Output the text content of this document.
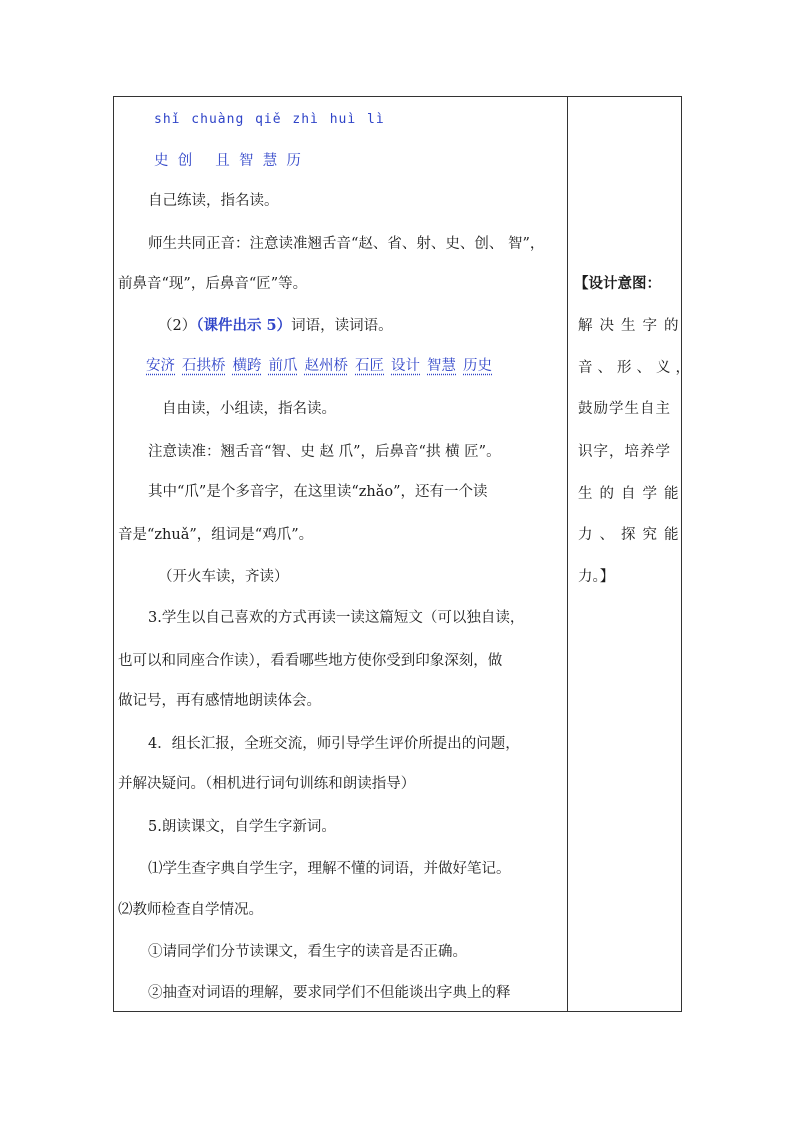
shǐ chuàng qiě zhì huì lì
史  创     且  智  慧  历
自己练读，指名读。
师生共同正音：注意读准翘舌音“赵、省、射、史、创、 智”，
前鼻音“现”，后鼻音“匠”等。
（2）（课件出示 5）词语，读词语。
安济 石拱桥 横跨 前爪 赵州桥 石匠 设计 智慧 历史
自由读，小组读，指名读。
注意读准：翘舌音“智、史 赵 爪”，后鼻音“拱 横 匠”。
其中“爪”是个多音字，在这里读“zhǎo”，还有一个读
音是“zhuǎ”，组词是“鸡爪”。
（开火车读，齐读）
3.学生以自己喜欢的方式再读一读这篇短文（可以独自读，
也可以和同座合作读），看看哪些地方使你受到印象深刻，做
做记号，再有感情地朗读体会。
4．组长汇报，全班交流，师引导学生评价所提出的问题，
并解决疑问。（相机进行词句训练和朗读指导）
5.朗读课文，自学生字新词。
⑴学生查字典自学生字，理解不懂的词语，并做好笔记。
⑵教师检查自学情况。
①请同学们分节读课文，看生字的读音是否正确。
②抽查对词语的理解，要求同学们不但能谈出字典上的释
【设计意图：
解决生字的
音、形、义，
鼓励学生自主
识字，培养学
生的自学能
力、探究能
力。】
